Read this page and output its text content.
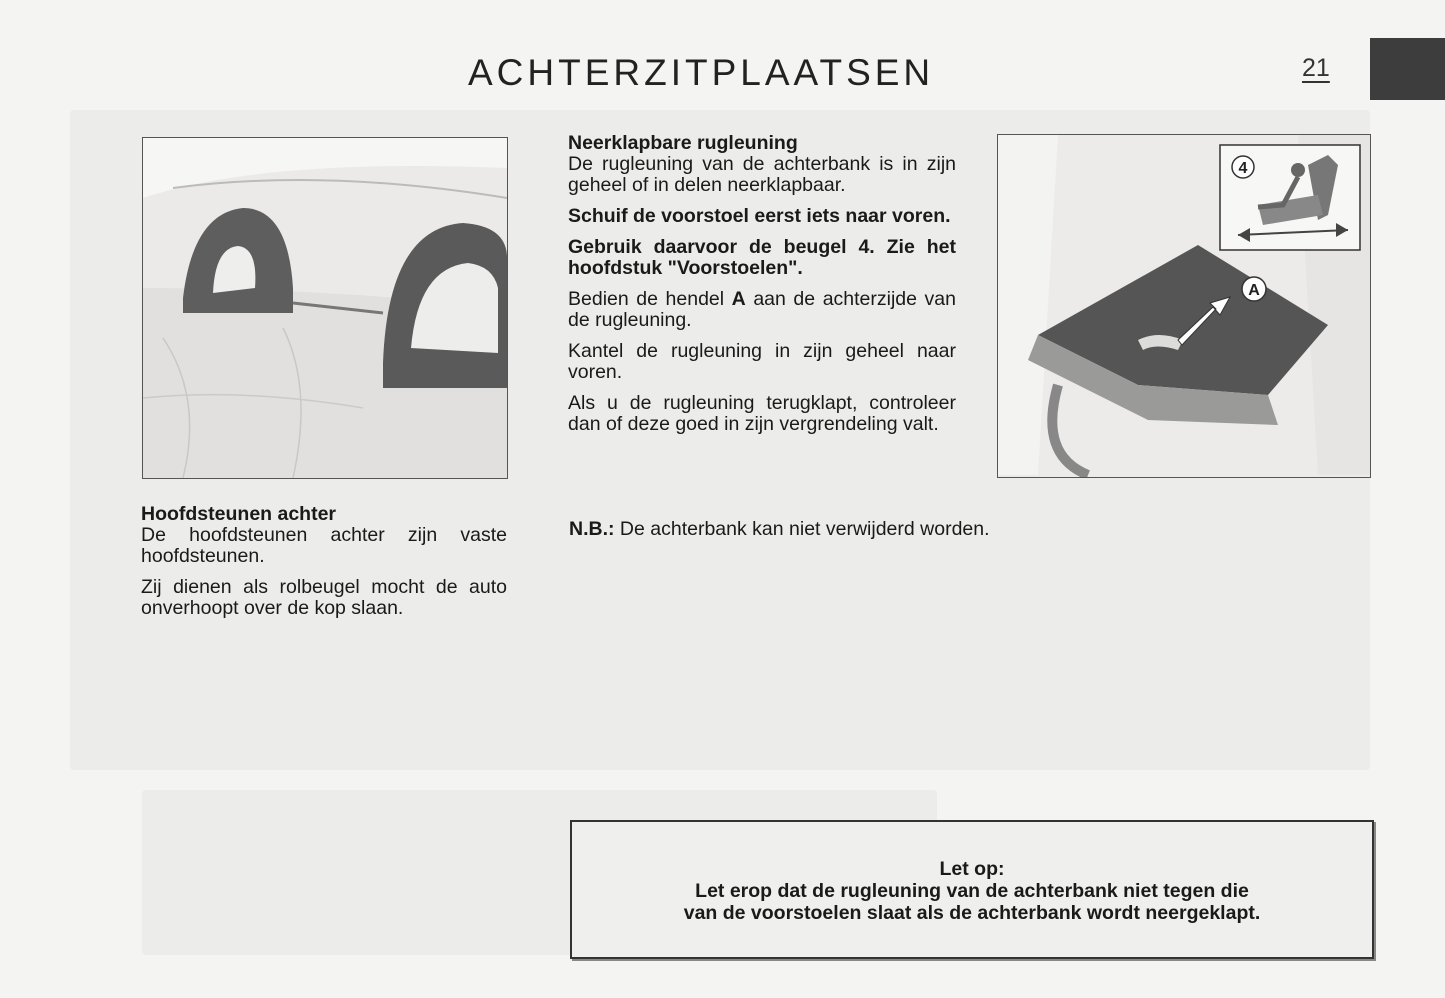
ACHTERZITPLAATSEN	21
A
4

Hoofdsteunen achter

De hoofdsteunen achter zijn vaste hoofdsteunen.

Zij dienen als rolbeugel mocht de auto onverhoopt over de kop slaan.

Neerklapbare rugleuning

De rugleuning van de achterbank is in zijn geheel of in delen neerklapbaar.

Schuif de voorstoel eerst iets naar voren.

Gebruik daarvoor de beugel 4. Zie het hoofdstuk "Voorstoelen".

Bedien de hendel A aan de achterzijde van de rugleuning.

Kantel de rugleuning in zijn geheel naar voren.

Als u de rugleuning terugklapt, controleer dan of deze goed in zijn vergrendeling valt.

N.B.: De achterbank kan niet verwijderd worden.
Let op:
Let erop dat de rugleuning van de achterbank niet tegen die
van de voorstoelen slaat als de achterbank wordt neergeklapt.
